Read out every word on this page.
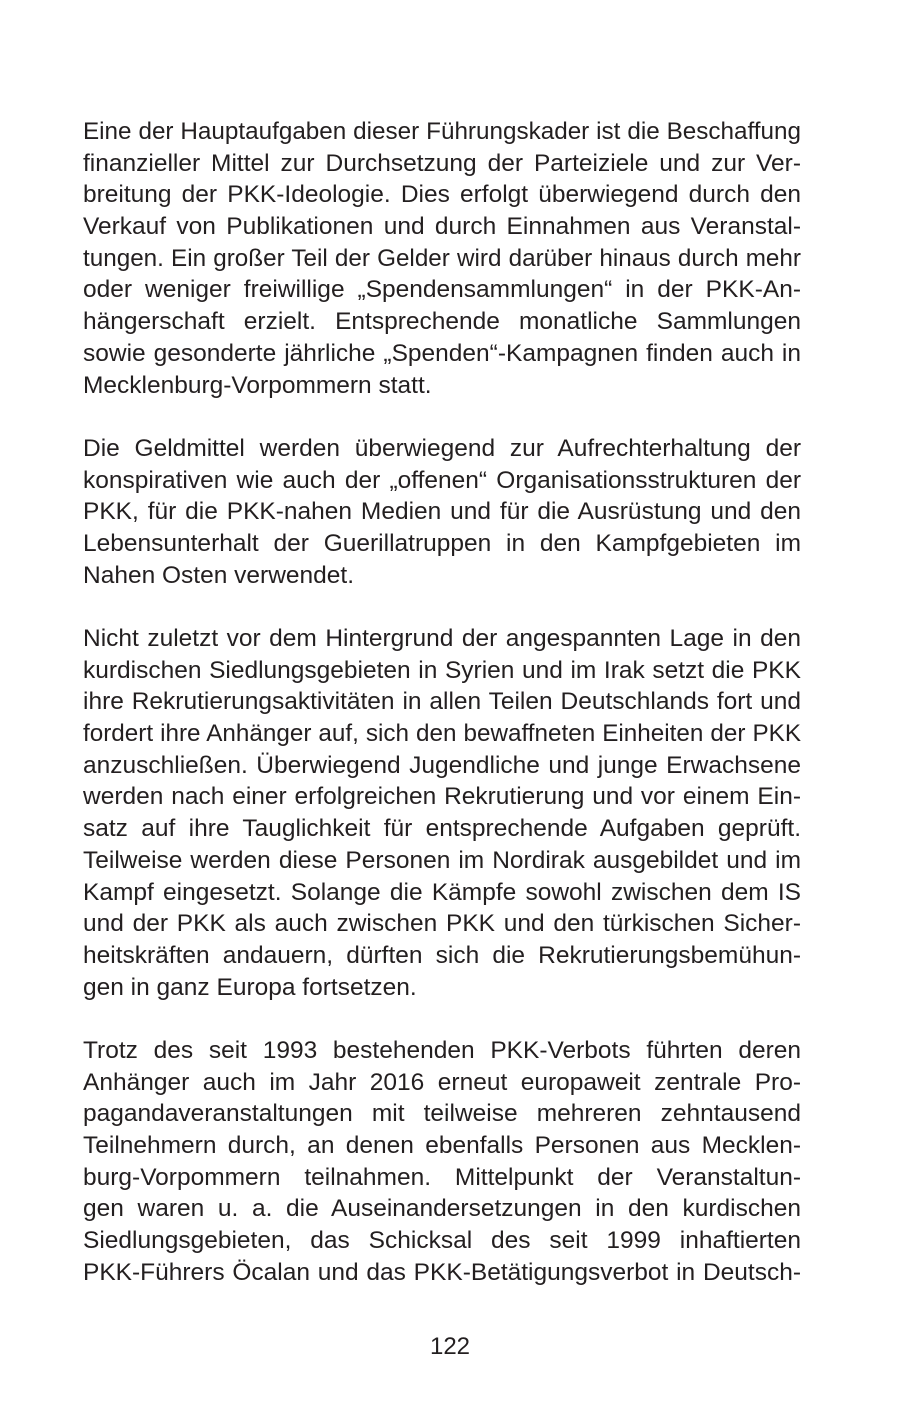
Eine der Hauptaufgaben dieser Führungskader ist die Beschaffung
finanzieller Mittel zur Durchsetzung der Parteiziele und zur Ver-
breitung der PKK-Ideologie. Dies erfolgt überwiegend durch den
Verkauf von Publikationen und durch Einnahmen aus Veranstal-
tungen. Ein großer Teil der Gelder wird darüber hinaus durch mehr
oder weniger freiwillige „Spendensammlungen“ in der PKK-An-
hängerschaft erzielt. Entsprechende monatliche Sammlungen
sowie gesonderte jährliche „Spenden“-Kampagnen finden auch in
Mecklenburg-Vorpommern statt.
Die Geldmittel werden überwiegend zur Aufrechterhaltung der
konspirativen wie auch der „offenen“ Organisationsstrukturen der
PKK, für die PKK-nahen Medien und für die Ausrüstung und den
Lebensunterhalt der Guerillatruppen in den Kampfgebieten im
Nahen Osten verwendet.
Nicht zuletzt vor dem Hintergrund der angespannten Lage in den
kurdischen Siedlungsgebieten in Syrien und im Irak setzt die PKK
ihre Rekrutierungsaktivitäten in allen Teilen Deutschlands fort und
fordert ihre Anhänger auf, sich den bewaffneten Einheiten der PKK
anzuschließen. Überwiegend Jugendliche und junge Erwachsene
werden nach einer erfolgreichen Rekrutierung und vor einem Ein-
satz auf ihre Tauglichkeit für entsprechende Aufgaben geprüft.
Teilweise werden diese Personen im Nordirak ausgebildet und im
Kampf eingesetzt. Solange die Kämpfe sowohl zwischen dem IS
und der PKK als auch zwischen PKK und den türkischen Sicher-
heitskräften andauern, dürften sich die Rekrutierungsbemühun-
gen in ganz Europa fortsetzen.
Trotz des seit 1993 bestehenden PKK-Verbots führten deren
Anhänger auch im Jahr 2016 erneut europaweit zentrale Pro-
pagandaveranstaltungen mit teilweise mehreren zehntausend
Teilnehmern durch, an denen ebenfalls Personen aus Mecklen-
burg-Vorpommern teilnahmen. Mittelpunkt der Veranstaltun-
gen waren u. a. die Auseinandersetzungen in den kurdischen
Siedlungsgebieten, das Schicksal des seit 1999 inhaftierten
PKK-Führers Öcalan und das PKK-Betätigungsverbot in Deutsch-
122
